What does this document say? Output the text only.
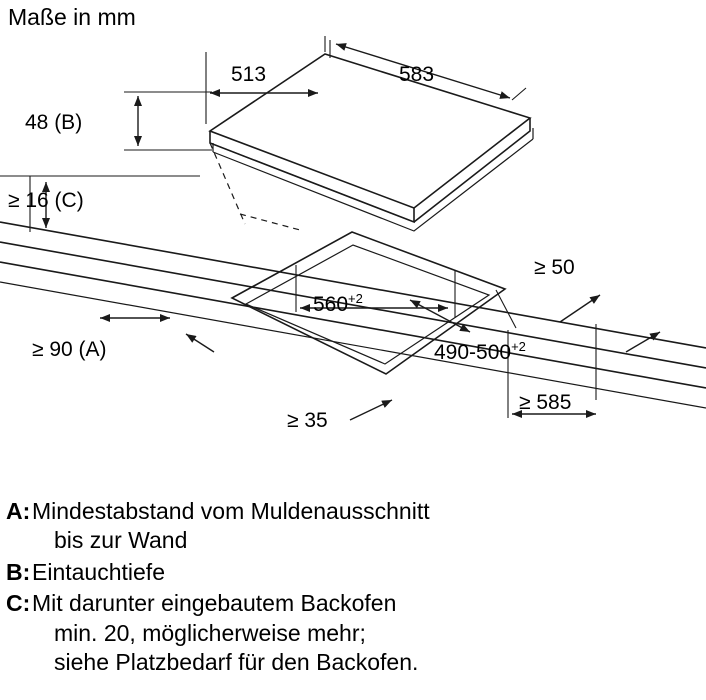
Maße in mm
513	583
48 (B)
≥ 16 (C)
≥ 50
$560^{+2}$
≥ 90 (A)	$490-500^{+2}$
≥ 585
≥ 35
A: Mindestabstand vom Muldenausschnitt
bis zur Wand
B: Eintauchtiefe
C: Mit darunter eingebautem Backofen
min. 20, möglicherweise mehr;
siehe Platzbedarf für den Backofen.
